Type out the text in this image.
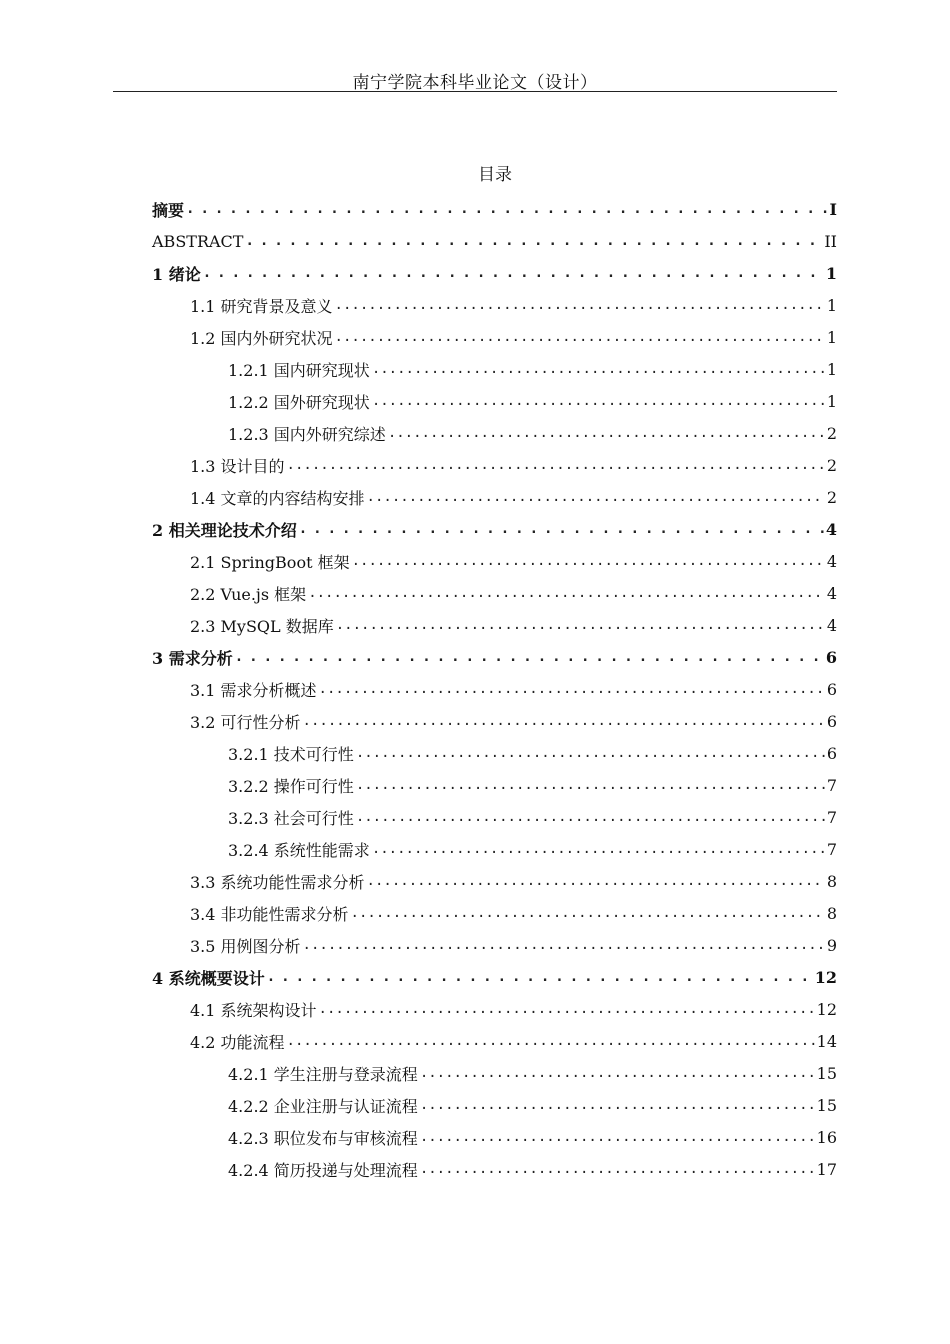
南宁学院本科毕业论文（设计）
目录
摘要 .....	I
ABSTRACT .....	II
1 绪论 .....	1
1.1 研究背景及意义 .....	1
1.2 国内外研究状况 .....	1
1.2.1 国内研究现状 .....	1
1.2.2 国外研究现状 .....	1
1.2.3 国内外研究综述 .....	2
1.3 设计目的 .....	2
1.4 文章的内容结构安排 .....	2
2 相关理论技术介绍 .....	4
2.1 SpringBoot 框架 .....	4
2.2 Vue.js 框架 .....	4
2.3 MySQL 数据库 .....	4
3 需求分析 .....	6
3.1 需求分析概述 .....	6
3.2 可行性分析 .....	6
3.2.1 技术可行性 .....	6
3.2.2 操作可行性 .....	7
3.2.3 社会可行性 .....	7
3.2.4 系统性能需求 .....	7
3.3 系统功能性需求分析 .....	8
3.4 非功能性需求分析 .....	8
3.5 用例图分析 .....	9
4 系统概要设计 .....	12
4.1 系统架构设计 .....	12
4.2 功能流程 .....	14
4.2.1 学生注册与登录流程 .....	15
4.2.2 企业注册与认证流程 .....	15
4.2.3 职位发布与审核流程 .....	16
4.2.4 简历投递与处理流程 .....	17
